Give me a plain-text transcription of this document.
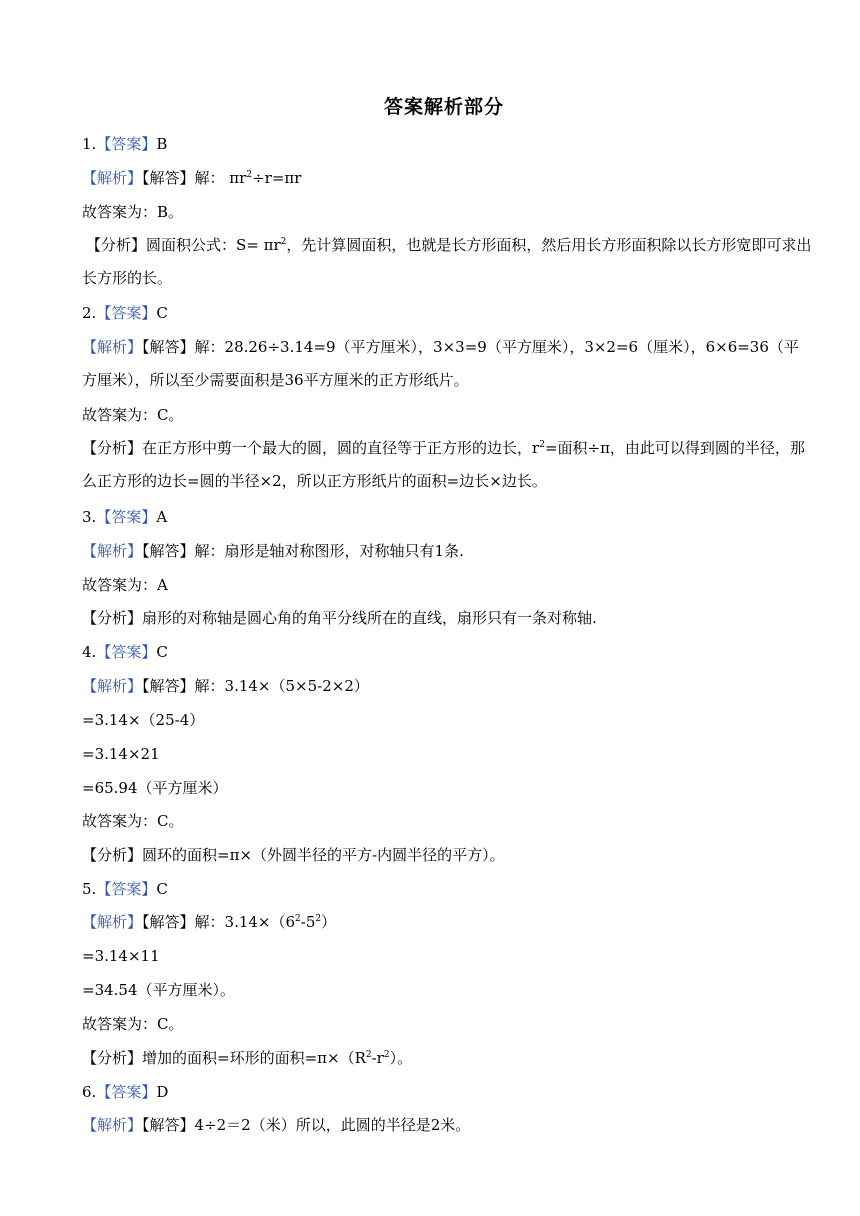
答案解析部分
1.【答案】B
【解析】【解答】解： $\pi r^2\div r=\pi r$
故答案为：B。
【分析】圆面积公式：$S= \pi r^2$，先计算圆面积，也就是长方形面积，然后用长方形面积除以长方形宽即可求出长方形的长。
2.【答案】C
【解析】【解答】解：28.26÷3.14=9（平方厘米），3×3=9（平方厘米），3×2=6（厘米），6×6=36（平方厘米），所以至少需要面积是36平方厘米的正方形纸片。
故答案为：C。
【分析】在正方形中剪一个最大的圆，圆的直径等于正方形的边长，$r^2=$面积÷π，由此可以得到圆的半径，那么正方形的边长=圆的半径×2，所以正方形纸片的面积=边长×边长。
3.【答案】A
【解析】【解答】解：扇形是轴对称图形，对称轴只有1条.
故答案为：A
【分析】扇形的对称轴是圆心角的角平分线所在的直线，扇形只有一条对称轴.
4.【答案】C
【解析】【解答】解：3.14×（5×5-2×2）
=3.14×（25-4）
=3.14×21
=65.94（平方厘米）
故答案为：C。
【分析】圆环的面积=π×（外圆半径的平方-内圆半径的平方）。
5.【答案】C
【解析】【解答】解：$3.14\times(6^2-5^2)$
=3.14×11
=34.54（平方厘米）。
故答案为：C。
【分析】增加的面积=环形的面积$=\pi\times(R^2-r^2)$。
6.【答案】D
【解析】【解答】4÷2＝2（米）所以，此圆的半径是2米。
